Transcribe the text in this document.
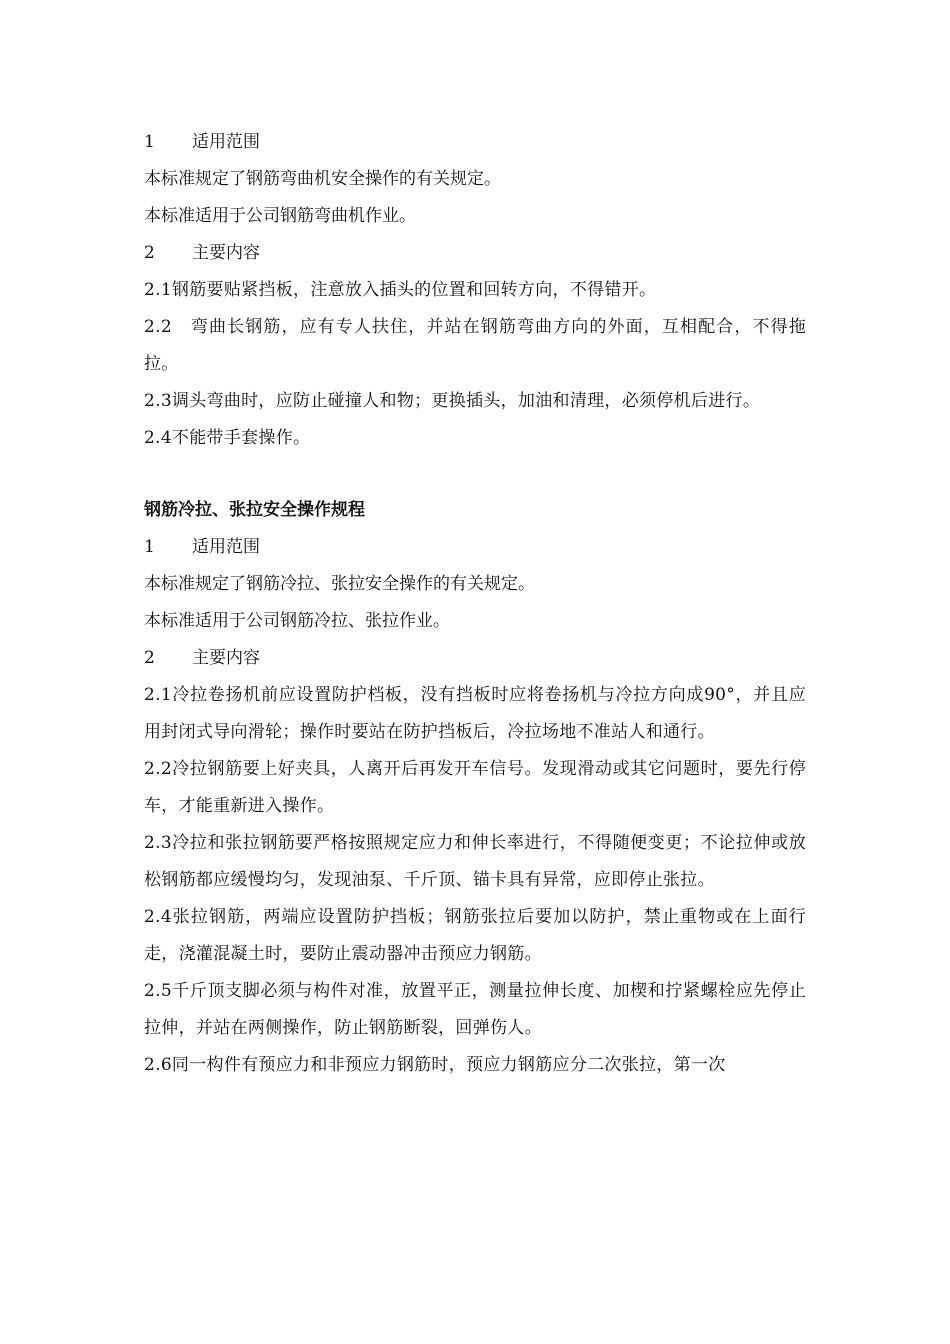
1 适用范围
本标准规定了钢筋弯曲机安全操作的有关规定。
本标准适用于公司钢筋弯曲机作业。
2 主要内容
2.1钢筋要贴紧挡板，注意放入插头的位置和回转方向，不得错开。
2.2　弯曲长钢筋，应有专人扶住，并站在钢筋弯曲方向的外面，互相配合，不得拖拉。
2.3调头弯曲时，应防止碰撞人和物；更换插头，加油和清理，必须停机后进行。
2.4不能带手套操作。
钢筋冷拉、张拉安全操作规程
1 适用范围
本标准规定了钢筋冷拉、张拉安全操作的有关规定。
本标准适用于公司钢筋冷拉、张拉作业。
2 主要内容
2.1冷拉卷扬机前应设置防护档板，没有挡板时应将卷扬机与冷拉方向成90°，并且应用封闭式导向滑轮；操作时要站在防护挡板后，冷拉场地不准站人和通行。
2.2冷拉钢筋要上好夹具，人离开后再发开车信号。发现滑动或其它问题时，要先行停车，才能重新进入操作。
2.3冷拉和张拉钢筋要严格按照规定应力和伸长率进行，不得随便变更；不论拉伸或放松钢筋都应缓慢均匀，发现油泵、千斤顶、锚卡具有异常，应即停止张拉。
2.4张拉钢筋，两端应设置防护挡板；钢筋张拉后要加以防护，禁止重物或在上面行走，浇灌混凝土时，要防止震动器冲击预应力钢筋。
2.5千斤顶支脚必须与构件对准，放置平正，测量拉伸长度、加楔和拧紧螺栓应先停止拉伸，并站在两侧操作，防止钢筋断裂，回弹伤人。
2.6同一构件有预应力和非预应力钢筋时，预应力钢筋应分二次张拉，第一次
